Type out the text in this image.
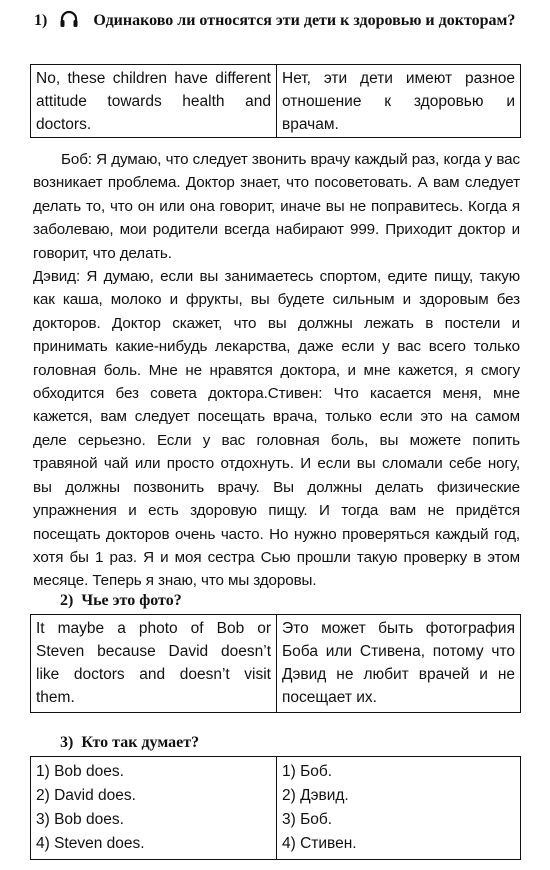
1)	Одинаково ли относятся эти дети к здоровью и докторам?
No, these children have different attitude towards health and doctors.
Нет, эти дети имеют разное отношение к здоровью и врачам.

Боб: Я думаю, что следует звонить врачу каждый раз, когда у вас возникает проблема. Доктор знает, что посоветовать. А вам следует делать то, что он или она говорит, иначе вы не поправитесь. Когда я заболеваю, мои родители всегда набирают 999. Приходит доктор и говорит, что делать.

Дэвид: Я думаю, если вы занимаетесь спортом, едите пищу, такую как каша, молоко и фрукты, вы будете сильным и здоровым без докторов. Доктор скажет, что вы должны лежать в постели и принимать какие-нибудь лекарства, даже если у вас всего только головная боль. Мне не нравятся доктора, и мне кажется, я смогу обходится без совета доктора.Стивен: Что касается меня, мне кажется, вам следует посещать врача, только если это на самом деле серьезно. Если у вас головная боль, вы можете попить травяной чай или просто отдохнуть. И если вы сломали себе ногу, вы должны позвонить врачу. Вы должны делать физические упражнения и есть здоровую пищу. И тогда вам не придётся посещать докторов очень часто. Но нужно проверяться каждый год, хотя бы 1 раз. Я и моя сестра Сью прошли такую проверку в этом месяце. Теперь я знаю, что мы здоровы.

2) Чье это фото?
It maybe a photo of Bob or Steven because David doesn’t like doctors and doesn’t visit them.
Это может быть фотография Боба или Стивена, потому что Дэвид не любит врачей и не посещает их.
3) Кто так думает?
1) Bob does.
2) David does.
3) Bob does.
4) Steven does.
1) Боб.
2) Дэвид.
3) Боб.
4) Стивен.
